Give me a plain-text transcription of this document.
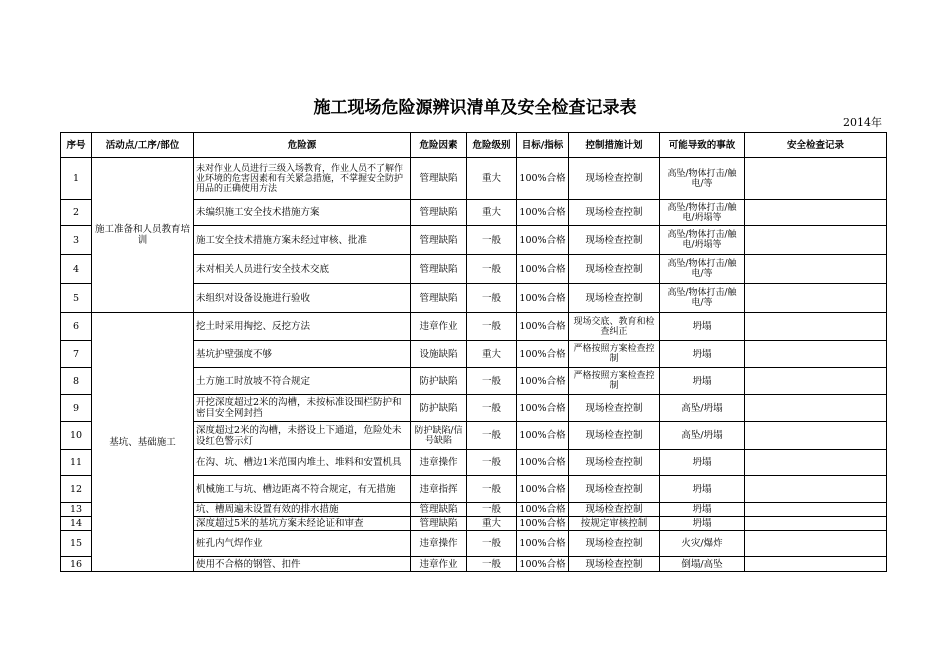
施工现场危险源辨识清单及安全检查记录表
2014年
序号	活动点/工序/部位	危险源	危险因素	危险级别	目标/指标	控制措施计划	可能导致的事故	安全检查记录
1	施工准备和人员教育培训	未对作业人员进行三级入场教育，作业人员不了解作业环境的危害因素和有关紧急措施，不掌握安全防护用品的正确使用方法	管理缺陷	重大	100%合格	现场检查控制	高坠/物体打击/触电/等	
2		未编织施工安全技术措施方案	管理缺陷	重大	100%合格	现场检查控制	高坠/物体打击/触电/坍塌等	
3		施工安全技术措施方案未经过审核、批准	管理缺陷	一般	100%合格	现场检查控制	高坠/物体打击/触电/坍塌等	
4		未对相关人员进行安全技术交底	管理缺陷	一般	100%合格	现场检查控制	高坠/物体打击/触电/等	
5		未组织对设备设施进行验收	管理缺陷	一般	100%合格	现场检查控制	高坠/物体打击/触电/等	
6	基坑、基础施工	挖土时采用掏挖、反挖方法	违章作业	一般	100%合格	现场交底、教育和检查纠正	坍塌	
7		基坑护壁强度不够	设施缺陷	重大	100%合格	严格按照方案检查控制	坍塌	
8		土方施工时放坡不符合规定	防护缺陷	一般	100%合格	严格按照方案检查控制	坍塌	
9		开挖深度超过2米的沟槽，未按标准设围栏防护和密目安全网封挡	防护缺陷	一般	100%合格	现场检查控制	高坠/坍塌	
10		深度超过2米的沟槽，未搭设上下通道，危险处未设红色警示灯	防护缺陷/信号缺陷	一般	100%合格	现场检查控制	高坠/坍塌	
11		在沟、坑、槽边1米范围内堆土、堆料和安置机具	违章操作	一般	100%合格	现场检查控制	坍塌	
12		机械施工与坑、槽边距离不符合规定，有无措施	违章指挥	一般	100%合格	现场检查控制	坍塌	
13		坑、槽周遍未设置有效的排水措施	管理缺陷	一般	100%合格	现场检查控制	坍塌	
14		深度超过5米的基坑方案未经论证和审查	管理缺陷	重大	100%合格	按规定审核控制	坍塌	
15		桩孔内气焊作业	违章操作	一般	100%合格	现场检查控制	火灾/爆炸	
16		使用不合格的钢管、扣件	违章作业	一般	100%合格	现场检查控制	倒塌/高坠	
